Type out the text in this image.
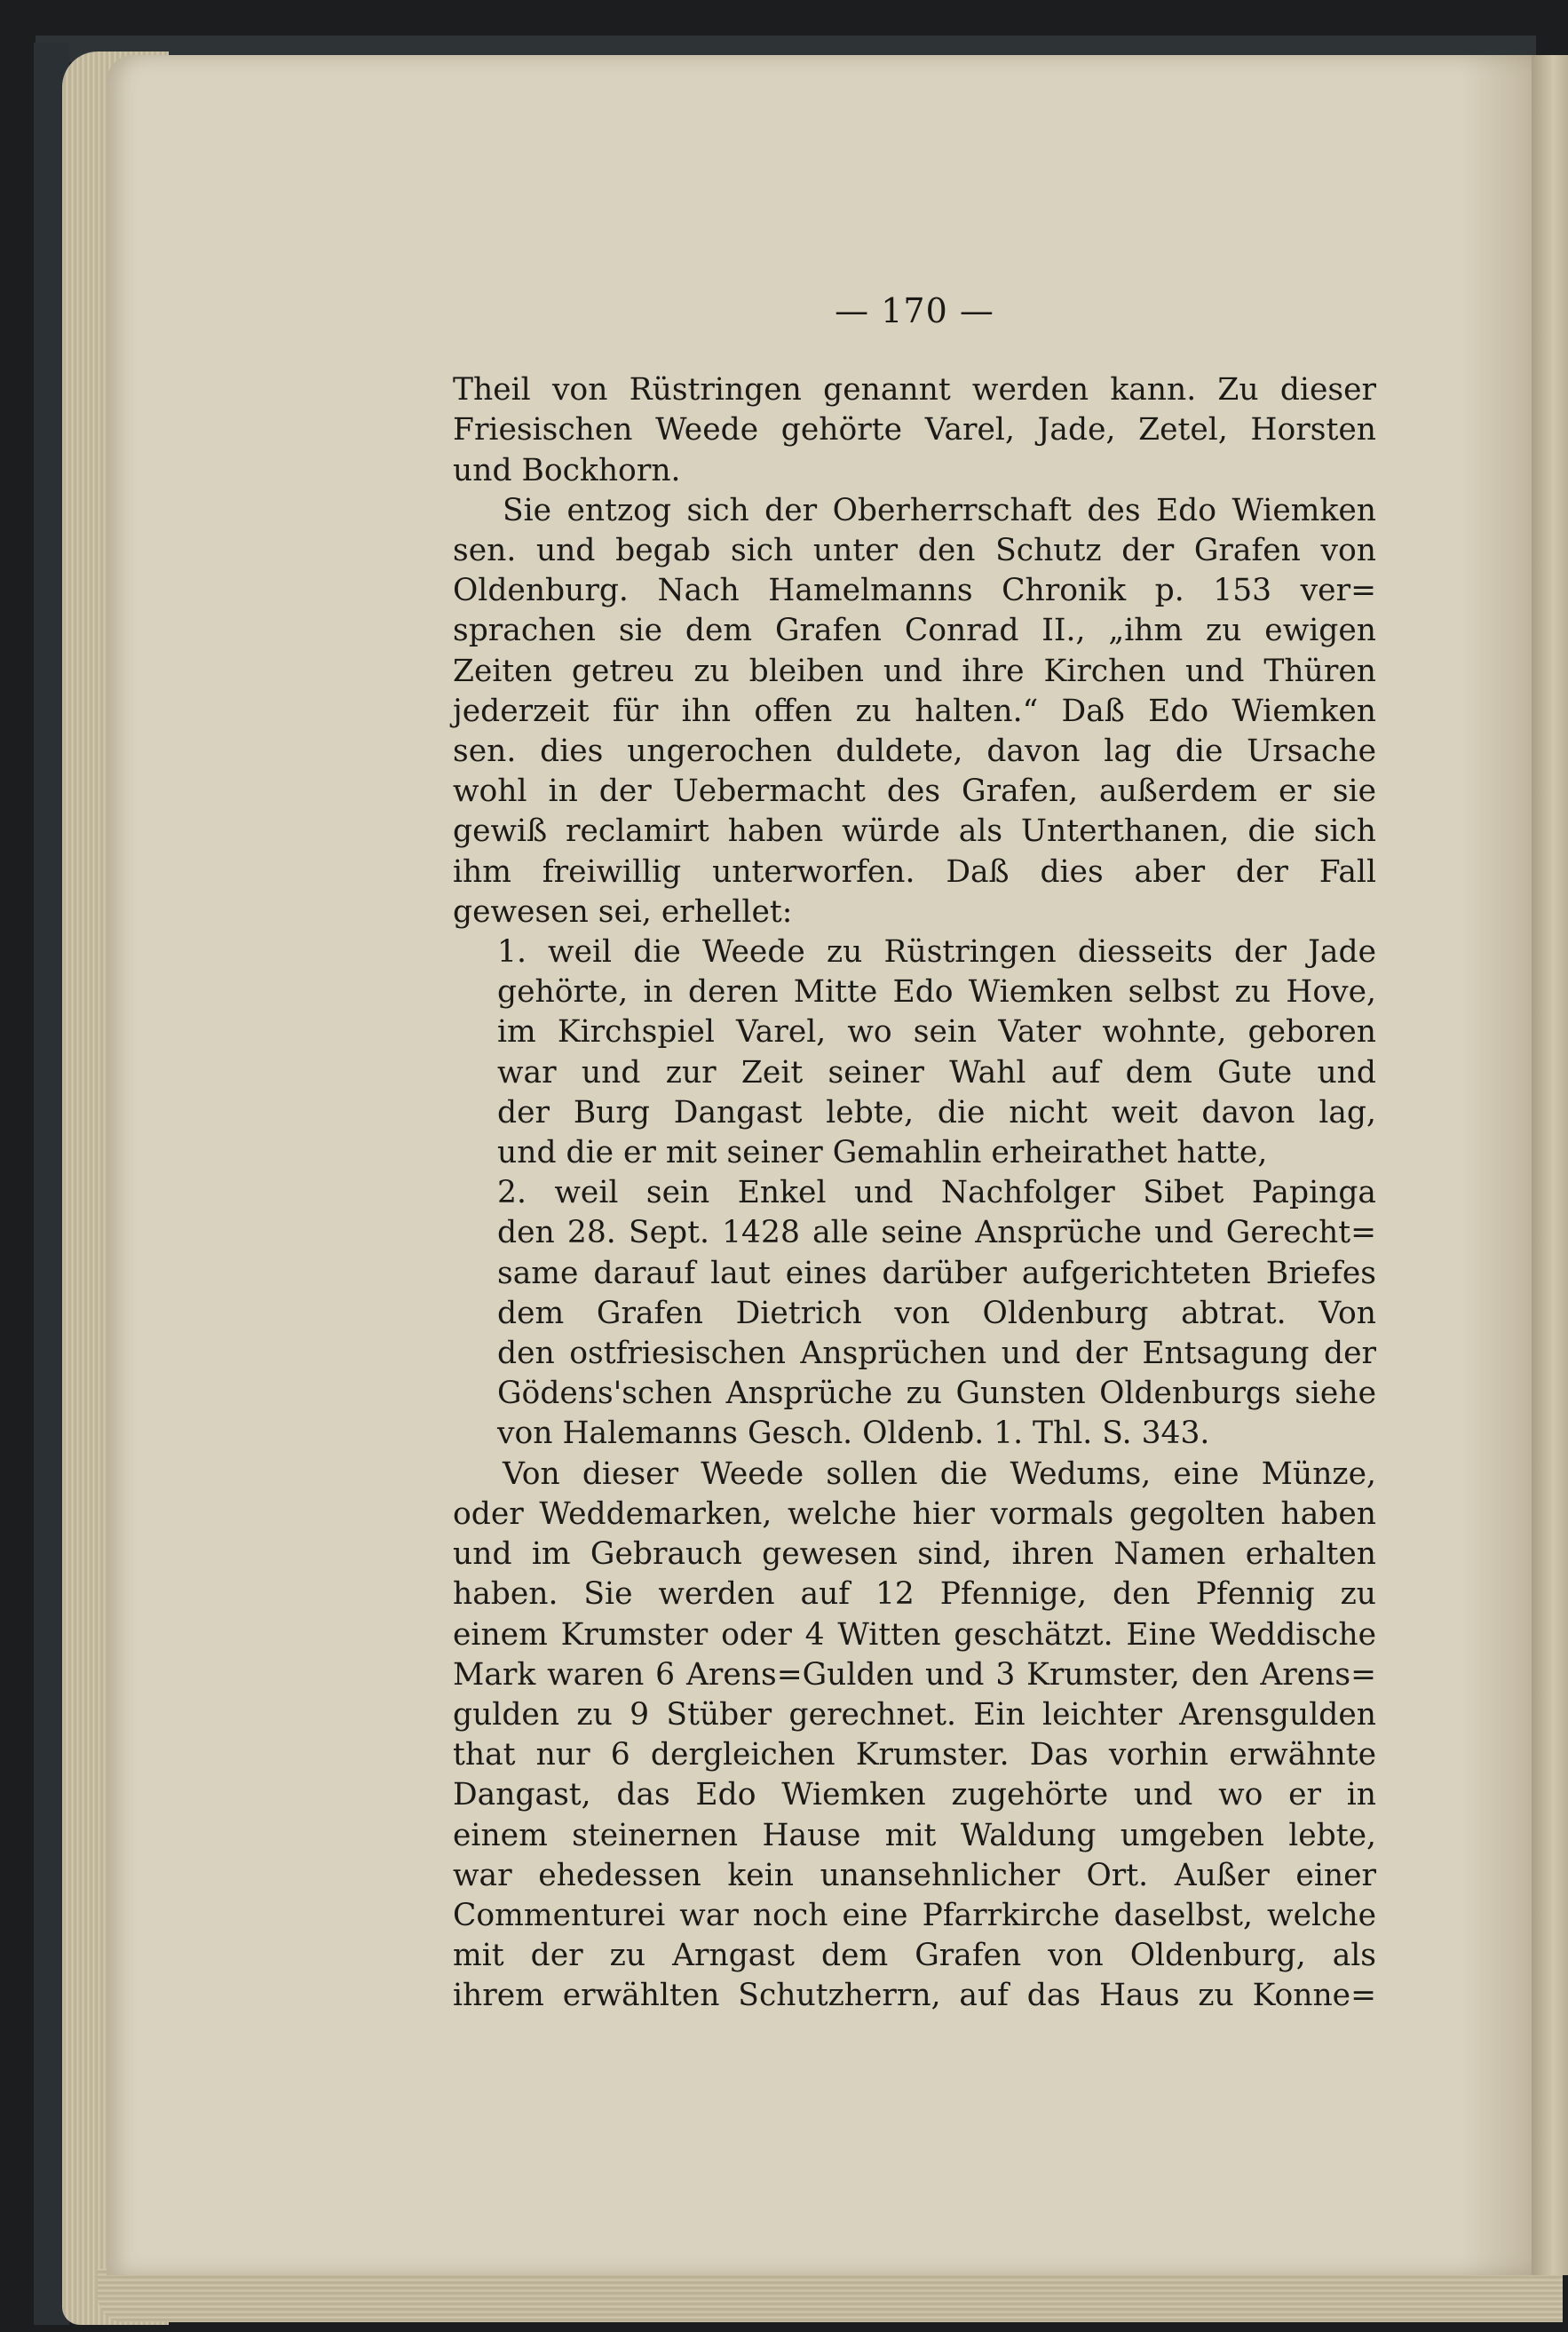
— 170 —
Theil von Rüstringen genannt werden kann. Zu dieser
Friesischen Weede gehörte Varel, Jade, Zetel, Horsten
und Bockhorn.
Sie entzog sich der Oberherrschaft des Edo Wiemken
sen. und begab sich unter den Schutz der Grafen von
Oldenburg. Nach Hamelmanns Chronik p. 153 ver=
sprachen sie dem Grafen Conrad II., „ihm zu ewigen
Zeiten getreu zu bleiben und ihre Kirchen und Thüren
jederzeit für ihn offen zu halten.“ Daß Edo Wiemken
sen. dies ungerochen duldete, davon lag die Ursache
wohl in der Uebermacht des Grafen, außerdem er sie
gewiß reclamirt haben würde als Unterthanen, die sich
ihm freiwillig unterworfen. Daß dies aber der Fall
gewesen sei, erhellet:
1. weil die Weede zu Rüstringen diesseits der Jade
gehörte, in deren Mitte Edo Wiemken selbst zu Hove,
im Kirchspiel Varel, wo sein Vater wohnte, geboren
war und zur Zeit seiner Wahl auf dem Gute und
der Burg Dangast lebte, die nicht weit davon lag,
und die er mit seiner Gemahlin erheirathet hatte,
2. weil sein Enkel und Nachfolger Sibet Papinga
den 28. Sept. 1428 alle seine Ansprüche und Gerecht=
same darauf laut eines darüber aufgerichteten Briefes
dem Grafen Dietrich von Oldenburg abtrat. Von
den ostfriesischen Ansprüchen und der Entsagung der
Gödens'schen Ansprüche zu Gunsten Oldenburgs siehe
von Halemanns Gesch. Oldenb. 1. Thl. S. 343.
Von dieser Weede sollen die Wedums, eine Münze,
oder Weddemarken, welche hier vormals gegolten haben
und im Gebrauch gewesen sind, ihren Namen erhalten
haben. Sie werden auf 12 Pfennige, den Pfennig zu
einem Krumster oder 4 Witten geschätzt. Eine Weddische
Mark waren 6 Arens=Gulden und 3 Krumster, den Arens=
gulden zu 9 Stüber gerechnet. Ein leichter Arensgulden
that nur 6 dergleichen Krumster. Das vorhin erwähnte
Dangast, das Edo Wiemken zugehörte und wo er in
einem steinernen Hause mit Waldung umgeben lebte,
war ehedessen kein unansehnlicher Ort. Außer einer
Commenturei war noch eine Pfarrkirche daselbst, welche
mit der zu Arngast dem Grafen von Oldenburg, als
ihrem erwählten Schutzherrn, auf das Haus zu Konne=
